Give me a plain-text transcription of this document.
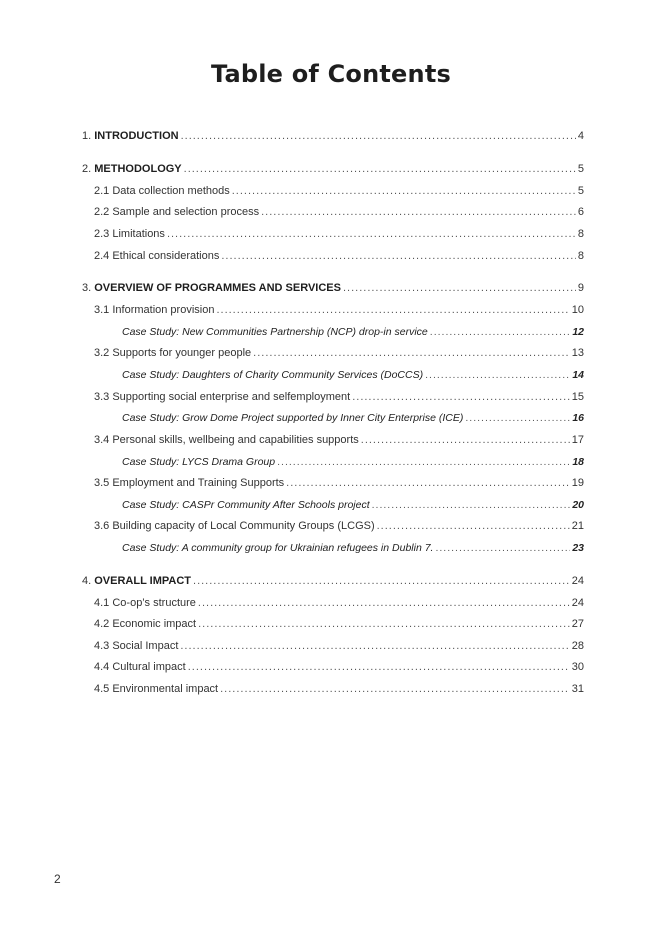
Table of Contents
1. INTRODUCTION .....	4
2. METHODOLOGY .....	5
2.1 Data collection methods .....	5
2.2 Sample and selection process .....	6
2.3 Limitations .....	8
2.4 Ethical considerations .....	8
3. OVERVIEW OF PROGRAMMES AND SERVICES .....	9
3.1 Information provision .....	10
Case Study: New Communities Partnership (NCP) drop-in service .....	12
3.2 Supports for younger people .....	13
Case Study: Daughters of Charity Community Services (DoCCS) .....	14
3.3 Supporting social enterprise and selfemployment .....	15
Case Study: Grow Dome Project supported by Inner City Enterprise (ICE) .....	16
3.4 Personal skills, wellbeing and capabilities supports .....	17
Case Study: LYCS Drama Group .....	18
3.5 Employment and Training Supports .....	19
Case Study: CASPr Community After Schools project .....	20
3.6 Building capacity of Local Community Groups (LCGS) .....	21
Case Study: A community group for Ukrainian refugees in Dublin 7. .....	23
4. OVERALL IMPACT .....	24
4.1 Co-op’s structure .....	24
4.2 Economic impact .....	27
4.3 Social Impact .....	28
4.4 Cultural impact .....	30
4.5 Environmental impact .....	31
2
